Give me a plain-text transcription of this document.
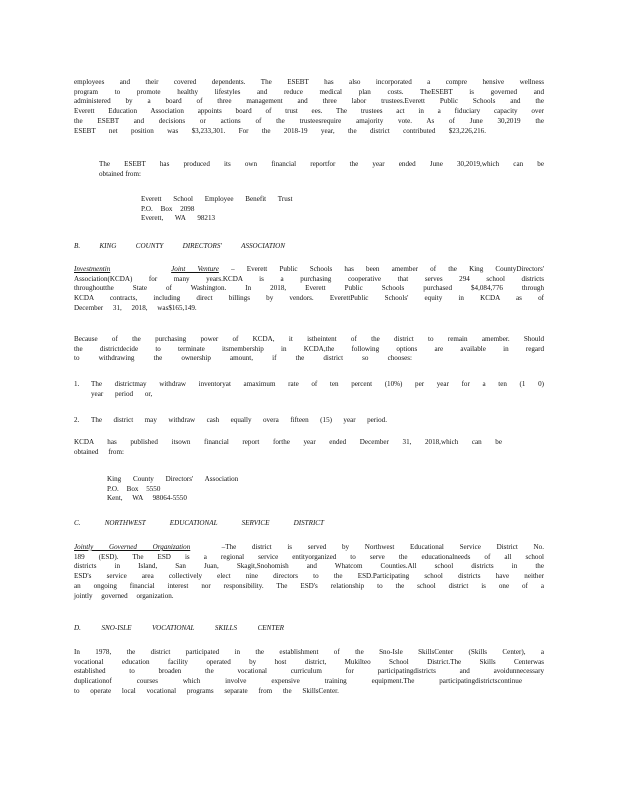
employees and their covered dependents. The ESEBT has also incorporated a compre hensive wellness

program to promote healthy lifestyles and reduce medical plan costs. TheESEBT is governed and

administered by a board of three management and three labor trustees.Everett Public Schools and the

Everett Education Association appoints board of trust ees. The trustees act in a fiduciary capacity over

the ESEBT and decisions or actions of the trusteesrequire amajority vote. As of June 30,2019 the

ESEBT net position was $3,233,301. For the 2018-19 year, the district contributed $23,226,216.

The ESEBT has produced its own financial reportfor the year ended June 30,2019,which can be

obtained from:

Everett School Employee Benefit Trust

P.O. Box 2098

Everett, WA 98213

B. KING COUNTY DIRECTORS' ASSOCIATION

Investmentin	Joint Venture – Everett Public Schools has been amember of the King CountyDirectors'

Association(KCDA) for many years.KCDA is a purchasing cooperative that serves 294 school districts

throughoutthe State of Washington. In 2018, Everett Public Schools purchased $4,084,776 through

KCDA contracts, including direct billings by vendors. EverettPublic Schools' equity in KCDA as of

December 31, 2018, was$165,149.

Because of the purchasing power of KCDA, it istheintent of the district to remain amember. Should

the districtdecide to terminate itsmembership in KCDA,the following options are available in regard

to withdrawing the ownership amount, if the district so chooses:

1. The districtmay withdraw inventoryat amaximum rate of ten percent (10%) per year for a ten (1 0)

year period or,

2. The district may withdraw cash equally overa fifteen (15) year period.

KCDA has published itsown financial report forthe year ended December 31, 2018,which can be

obtained from:

King County Directors' Association

P.O. Box 5550

Kent, WA 98064-5550

C. NORTHWEST EDUCATIONAL SERVICE DISTRICT

Jointly Governed Organization	–The district is served by Northwest Educational Service District No.

189 (ESD). The ESD is a regional service entityorganized to serve the educationalneeds of all school

districts in Island, San Juan, Skagit,Snohomish and Whatcom Counties.All school districts in the

ESD's service area collectively elect nine directors to the ESD.Participating school districts have neither

an ongoing financial interest nor responsibility. The ESD's relationship to the school district is one of a

jointly governed organization.

D. SNO-ISLE VOCATIONAL SKILLS CENTER

In 1978, the district participated in the establishment of the Sno-Isle SkillsCenter (Skills Center), a

vocational education facility operated by host district, Mukilteo School District.The Skills Centerwas

established to broaden the vocational curriculum for participatingdistricts and avoidunnecessary

duplicationof courses which involve expensive training equipment.The participatingdistrictscontinue

to operate local vocational programs separate from the SkillsCenter.
